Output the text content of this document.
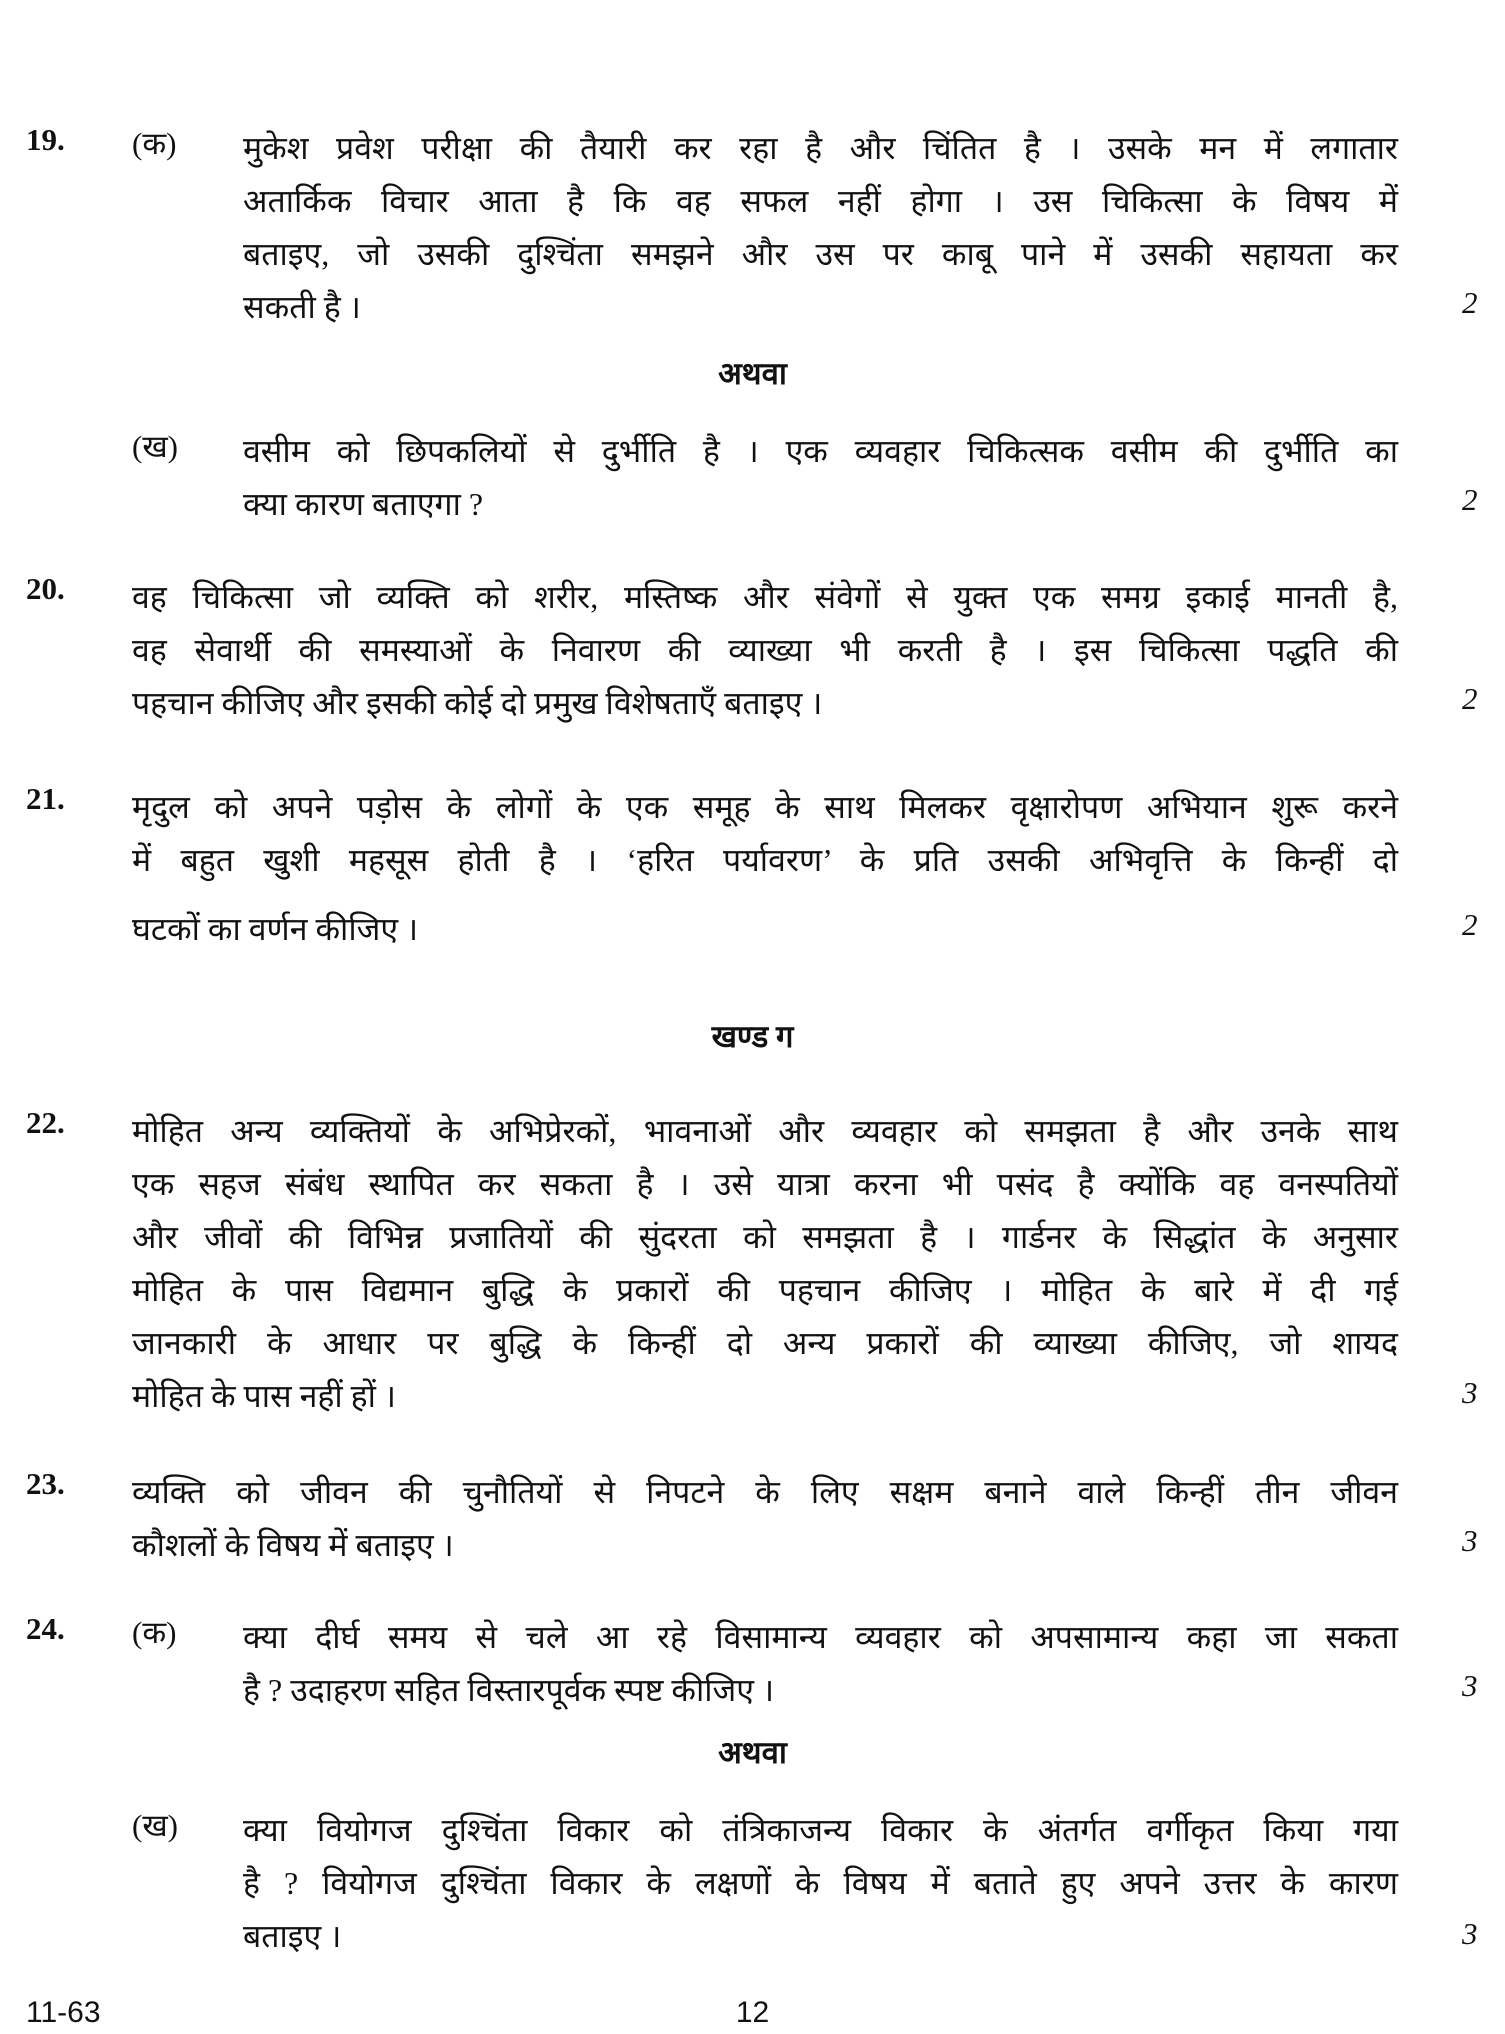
19. (क) मुकेश प्रवेश परीक्षा की तैयारी कर रहा है और चिंतित है । उसके मन में लगातार
अतार्किक विचार आता है कि वह सफल नहीं होगा । उस चिकित्सा के विषय में
बताइए, जो उसकी दुश्चिंता समझने और उस पर काबू पाने में उसकी सहायता कर
सकती है ।	2
अथवा
(ख) वसीम को छिपकलियों से दुर्भीति है । एक व्यवहार चिकित्सक वसीम की दुर्भीति का
क्या कारण बताएगा ?	2
20. वह चिकित्सा जो व्यक्ति को शरीर, मस्तिष्क और संवेगों से युक्त एक समग्र इकाई मानती है,
वह सेवार्थी की समस्याओं के निवारण की व्याख्या भी करती है । इस चिकित्सा पद्धति की
पहचान कीजिए और इसकी कोई दो प्रमुख विशेषताएँ बताइए ।	2
21. मृदुल को अपने पड़ोस के लोगों के एक समूह के साथ मिलकर वृक्षारोपण अभियान शुरू करने
में बहुत खुशी महसूस होती है । ‘हरित पर्यावरण’ के प्रति उसकी अभिवृत्ति के किन्हीं दो
घटकों का वर्णन कीजिए ।	2
खण्ड ग
22. मोहित अन्य व्यक्तियों के अभिप्रेरकों, भावनाओं और व्यवहार को समझता है और उनके साथ
एक सहज संबंध स्थापित कर सकता है । उसे यात्रा करना भी पसंद है क्योंकि वह वनस्पतियों
और जीवों की विभिन्न प्रजातियों की सुंदरता को समझता है । गार्डनर के सिद्धांत के अनुसार
मोहित के पास विद्यमान बुद्धि के प्रकारों की पहचान कीजिए । मोहित के बारे में दी गई
जानकारी के आधार पर बुद्धि के किन्हीं दो अन्य प्रकारों की व्याख्या कीजिए, जो शायद
मोहित के पास नहीं हों ।	3
23. व्यक्ति को जीवन की चुनौतियों से निपटने के लिए सक्षम बनाने वाले किन्हीं तीन जीवन
कौशलों के विषय में बताइए ।	3
24. (क) क्या दीर्घ समय से चले आ रहे विसामान्य व्यवहार को अपसामान्य कहा जा सकता
है ? उदाहरण सहित विस्तारपूर्वक स्पष्ट कीजिए ।	3
अथवा
(ख) क्या वियोगज दुश्चिंता विकार को तंत्रिकाजन्य विकार के अंतर्गत वर्गीकृत किया गया
है ? वियोगज दुश्चिंता विकार के लक्षणों के विषय में बताते हुए अपने उत्तर के कारण
बताइए ।	3
11-63	12
